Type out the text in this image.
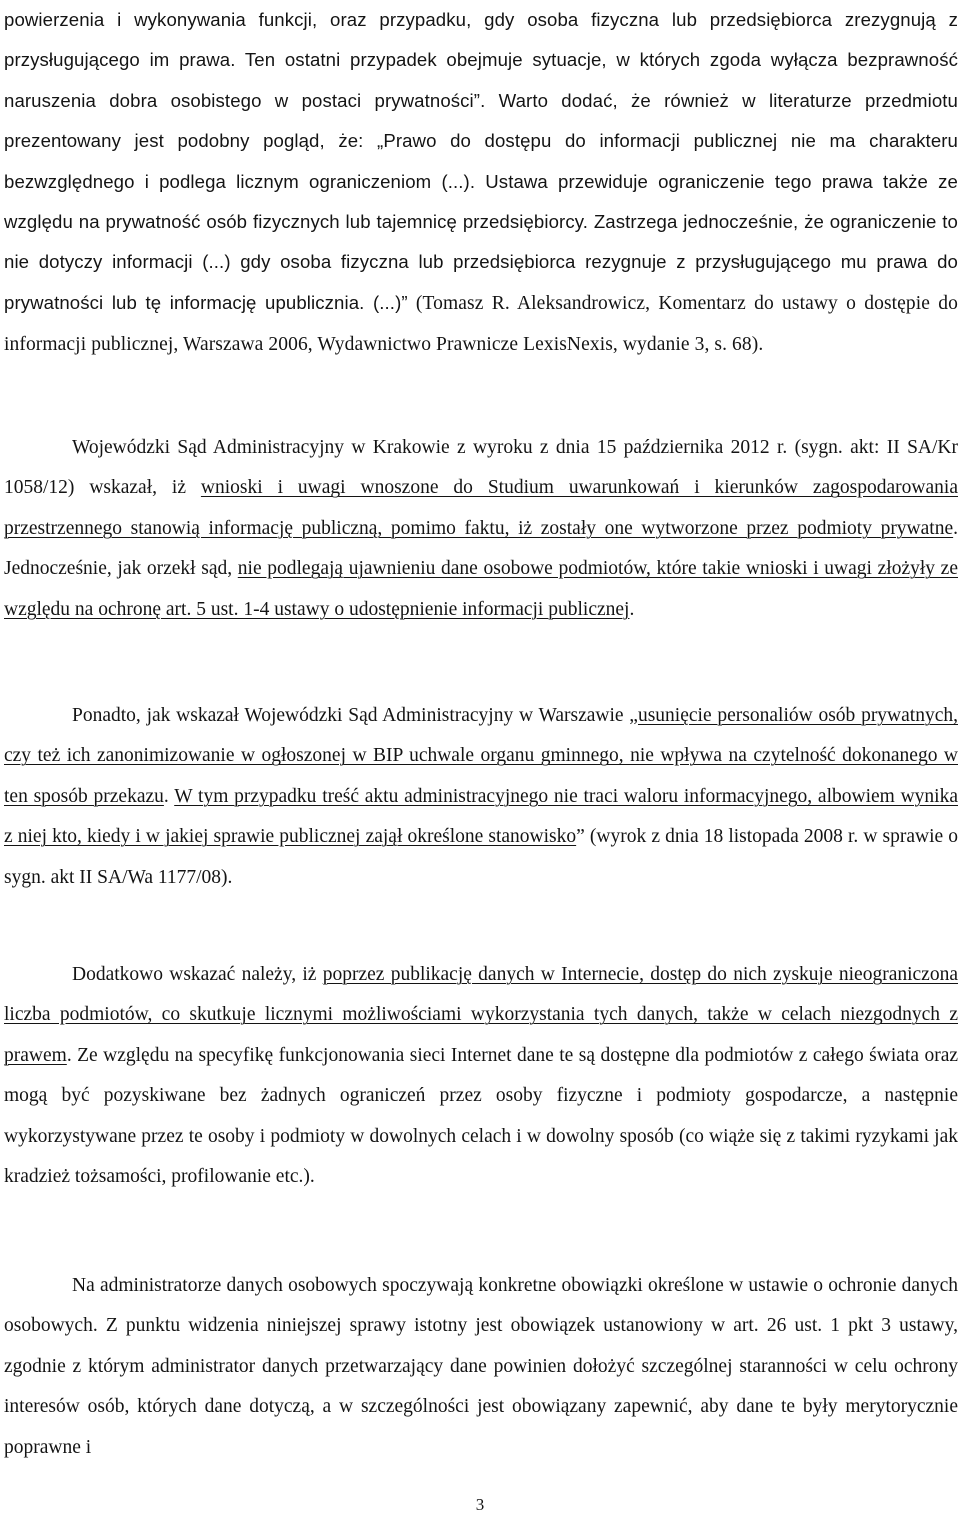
powierzenia i wykonywania funkcji, oraz przypadku, gdy osoba fizyczna lub przedsiębiorca zrezygnują z przysługującego im prawa. Ten ostatni przypadek obejmuje sytuacje, w których zgoda wyłącza bezprawność naruszenia dobra osobistego w postaci prywatności”. Warto dodać, że również w literaturze przedmiotu prezentowany jest podobny pogląd, że: „Prawo do dostępu do informacji publicznej nie ma charakteru bezwzględnego i podlega licznym ograniczeniom (...). Ustawa przewiduje ograniczenie tego prawa także ze względu na prywatność osób fizycznych lub tajemnicę przedsiębiorcy. Zastrzega jednocześnie, że ograniczenie to nie dotyczy informacji (...) gdy osoba fizyczna lub przedsiębiorca rezygnuje z przysługującego mu prawa do prywatności lub tę informację upublicznia. (...)” (Tomasz R. Aleksandrowicz, Komentarz do ustawy o dostępie do informacji publicznej, Warszawa 2006, Wydawnictwo Prawnicze LexisNexis, wydanie 3, s. 68).

Wojewódzki Sąd Administracyjny w Krakowie z wyroku z dnia 15 października 2012 r. (sygn. akt: II SA/Kr 1058/12) wskazał, iż wnioski i uwagi wnoszone do Studium uwarunkowań i kierunków zagospodarowania przestrzennego stanowią informację publiczną, pomimo faktu, iż zostały one wytworzone przez podmioty prywatne. Jednocześnie, jak orzekł sąd, nie podlegają ujawnieniu dane osobowe podmiotów, które takie wnioski i uwagi złożyły ze względu na ochronę art. 5 ust. 1-4 ustawy o udostępnienie informacji publicznej.

Ponadto, jak wskazał Wojewódzki Sąd Administracyjny w Warszawie „usunięcie personaliów osób prywatnych, czy też ich zanonimizowanie w ogłoszonej w BIP uchwale organu gminnego, nie wpływa na czytelność dokonanego w ten sposób przekazu. W tym przypadku treść aktu administracyjnego nie traci waloru informacyjnego, albowiem wynika z niej kto, kiedy i w jakiej sprawie publicznej zajął określone stanowisko” (wyrok z dnia 18 listopada 2008 r. w sprawie o sygn. akt II SA/Wa 1177/08).

Dodatkowo wskazać należy, iż poprzez publikację danych w Internecie, dostęp do nich zyskuje nieograniczona liczba podmiotów, co skutkuje licznymi możliwościami wykorzystania tych danych, także w celach niezgodnych z prawem. Ze względu na specyfikę funkcjonowania sieci Internet dane te są dostępne dla podmiotów z całego świata oraz mogą być pozyskiwane bez żadnych ograniczeń przez osoby fizyczne i podmioty gospodarcze, a następnie wykorzystywane przez te osoby i podmioty w dowolnych celach i w dowolny sposób (co wiąże się z takimi ryzykami jak kradzież tożsamości, profilowanie etc.).

Na administratorze danych osobowych spoczywają konkretne obowiązki określone w ustawie o ochronie danych osobowych. Z punktu widzenia niniejszej sprawy istotny jest obowiązek ustanowiony w art. 26 ust. 1 pkt 3 ustawy, zgodnie z którym administrator danych przetwarzający dane powinien dołożyć szczególnej staranności w celu ochrony interesów osób, których dane dotyczą, a w szczególności jest obowiązany zapewnić, aby dane te były merytorycznie poprawne i

3
